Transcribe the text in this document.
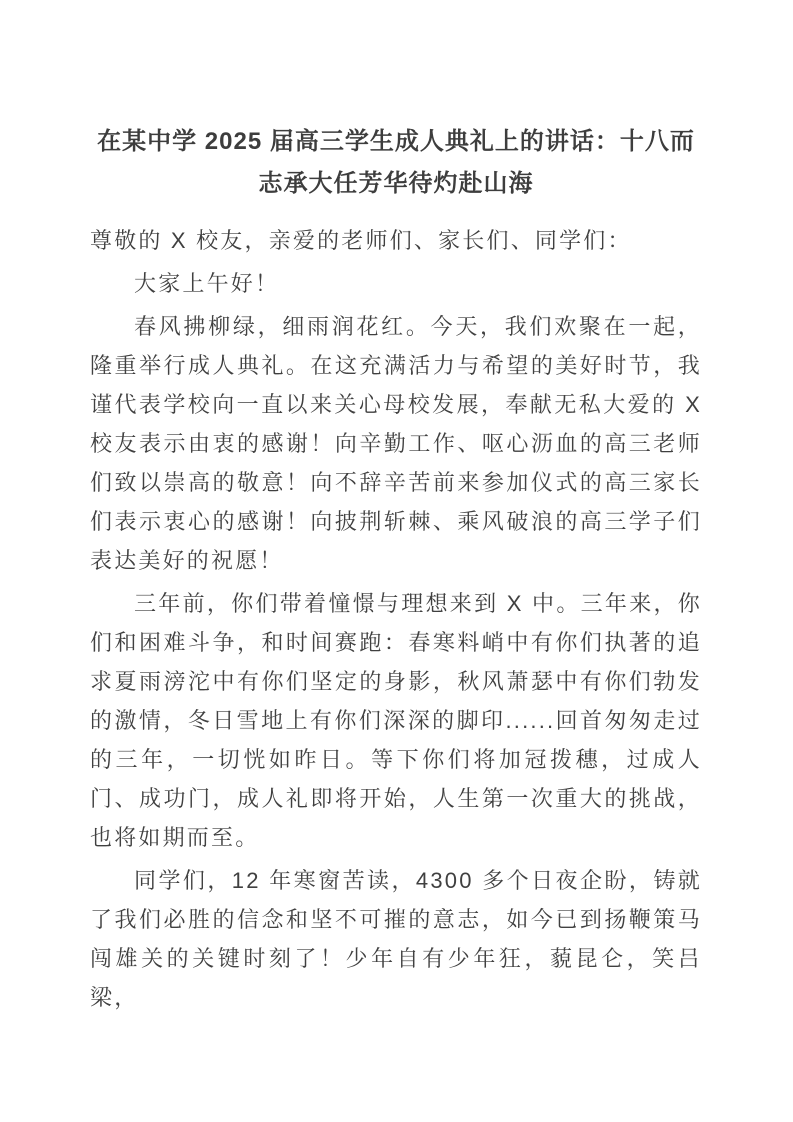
在某中学 2025 届高三学生成人典礼上的讲话：十八而志承大任芳华待灼赴山海

尊敬的 X 校友，亲爱的老师们、家长们、同学们：

大家上午好！

春风拂柳绿，细雨润花红。今天，我们欢聚在一起，隆重举行成人典礼。在这充满活力与希望的美好时节，我谨代表学校向一直以来关心母校发展，奉献无私大爱的 X 校友表示由衷的感谢！向辛勤工作、呕心沥血的高三老师们致以崇高的敬意！向不辞辛苦前来参加仪式的高三家长们表示衷心的感谢！向披荆斩棘、乘风破浪的高三学子们表达美好的祝愿！

三年前，你们带着憧憬与理想来到 X 中。三年来，你们和困难斗争，和时间赛跑：春寒料峭中有你们执著的追求夏雨滂沱中有你们坚定的身影，秋风萧瑟中有你们勃发的激情，冬日雪地上有你们深深的脚印......回首匆匆走过的三年，一切恍如昨日。等下你们将加冠拨穗，过成人门、成功门，成人礼即将开始，人生第一次重大的挑战，也将如期而至。

同学们，12 年寒窗苦读，4300 多个日夜企盼，铸就了我们必胜的信念和坚不可摧的意志，如今已到扬鞭策马闯雄关的关键时刻了！少年自有少年狂，藐昆仑，笑吕梁，
